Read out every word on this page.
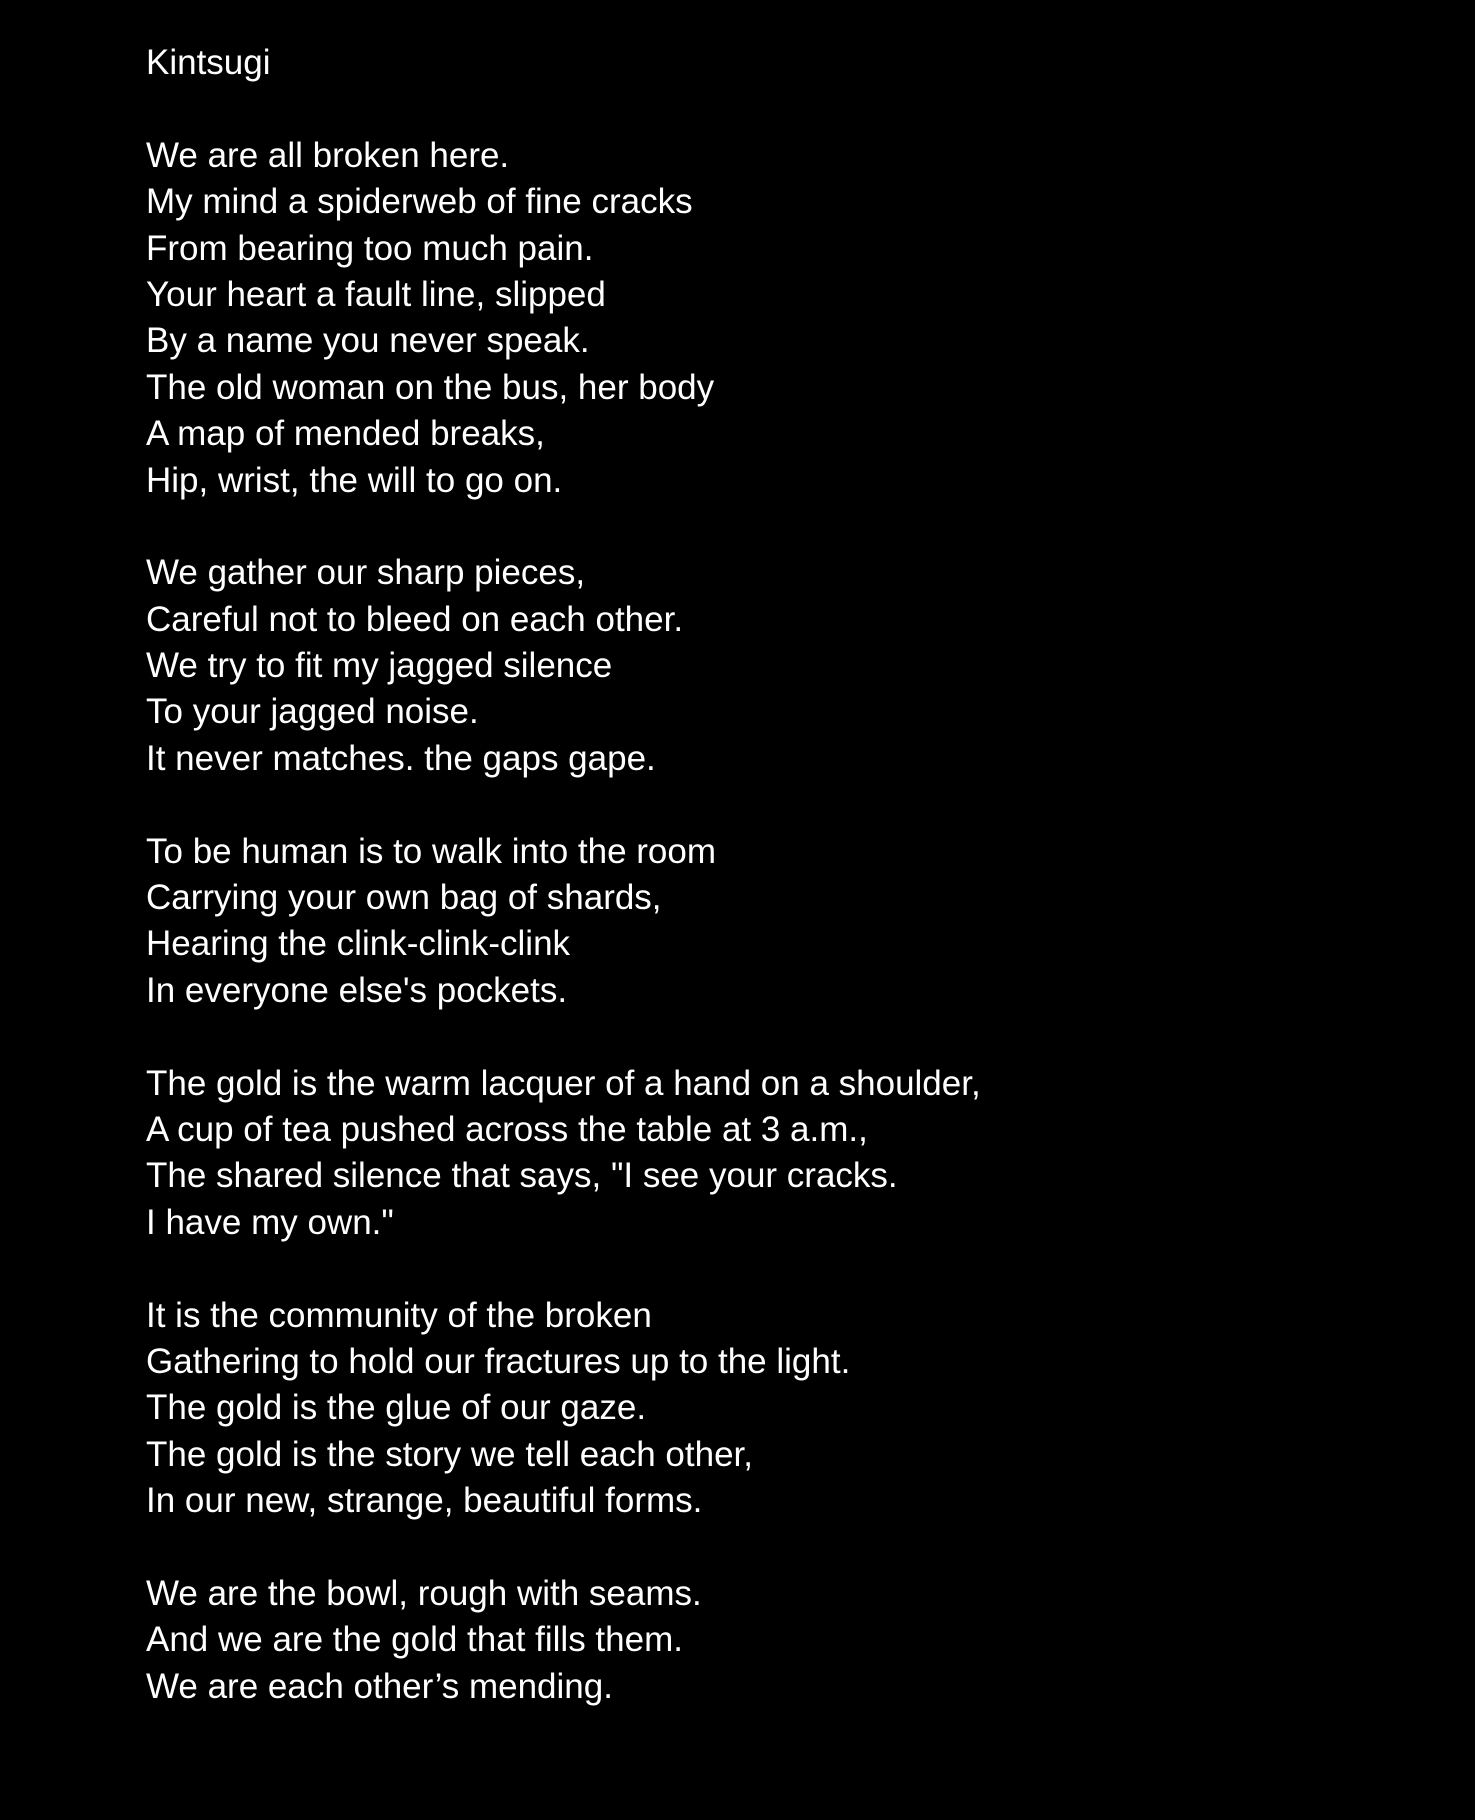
Kintsugi
We are all broken here.
My mind a spiderweb of fine cracks
From bearing too much pain.
Your heart a fault line, slipped
By a name you never speak.
The old woman on the bus, her body
A map of mended breaks,
Hip, wrist, the will to go on.
We gather our sharp pieces,
Careful not to bleed on each other.
We try to fit my jagged silence
To your jagged noise.
It never matches. the gaps gape.
To be human is to walk into the room
Carrying your own bag of shards,
Hearing the clink-clink-clink
In everyone else's pockets.
The gold is the warm lacquer of a hand on a shoulder,
A cup of tea pushed across the table at 3 a.m.,
The shared silence that says, "I see your cracks.
I have my own."
It is the community of the broken
Gathering to hold our fractures up to the light.
The gold is the glue of our gaze.
The gold is the story we tell each other,
In our new, strange, beautiful forms.
We are the bowl, rough with seams.
And we are the gold that fills them.
We are each other’s mending.
